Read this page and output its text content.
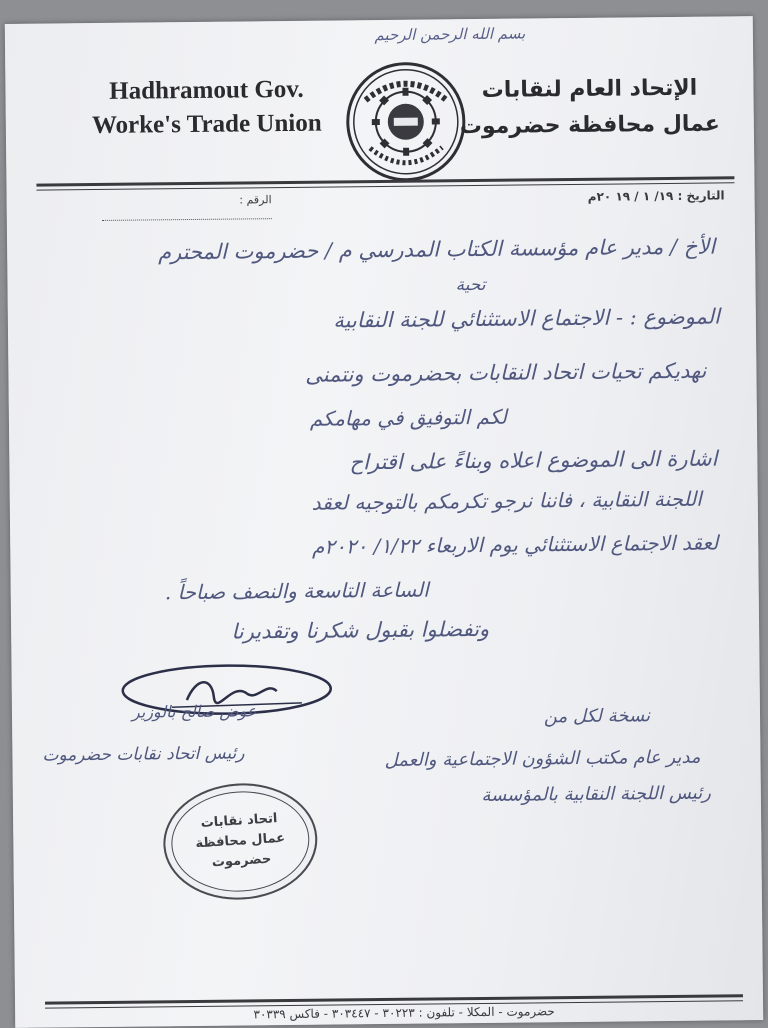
بسم الله الرحمن الرحيم
Hadhramout Gov.
Worke's Trade Union
الإتحاد العام لنقابات
عمال محافظة حضرموت
التاريخ : ١٩/ ١ / ١٩ ٢٠م
الرقم :
الأخ / مدير عام مؤسسة الكتاب المدرسي م / حضرموت المحترم
تحية
الموضوع : - الاجتماع الاستثنائي للجنة النقابية
نهديكم تحيات اتحاد النقابات بحضرموت ونتمنى
لكم التوفيق في مهامكم
اشارة الى الموضوع اعلاه وبناءً على اقتراح
اللجنة النقابية ، فاننا نرجو تكرمكم بالتوجيه لعقد
لعقد الاجتماع الاستثنائي يوم الاربعاء ١/٢٢/ ٢٠٢٠م
الساعة التاسعة والنصف صباحاً .
وتفضلوا بقبول شكرنا وتقديرنا
عوض صالح بالوزير
رئيس اتحاد نقابات حضرموت
نسخة لكل من
مدير عام مكتب الشؤون الاجتماعية والعمل
رئيس اللجنة النقابية بالمؤسسة
اتحاد نقابات
عمال محافظة
حضرموت
حضرموت - المكلا - تلفون : ٣٠٢٢٣ - ٣٠٣٤٤٧ - فاكس ٣٠٣٣٩
